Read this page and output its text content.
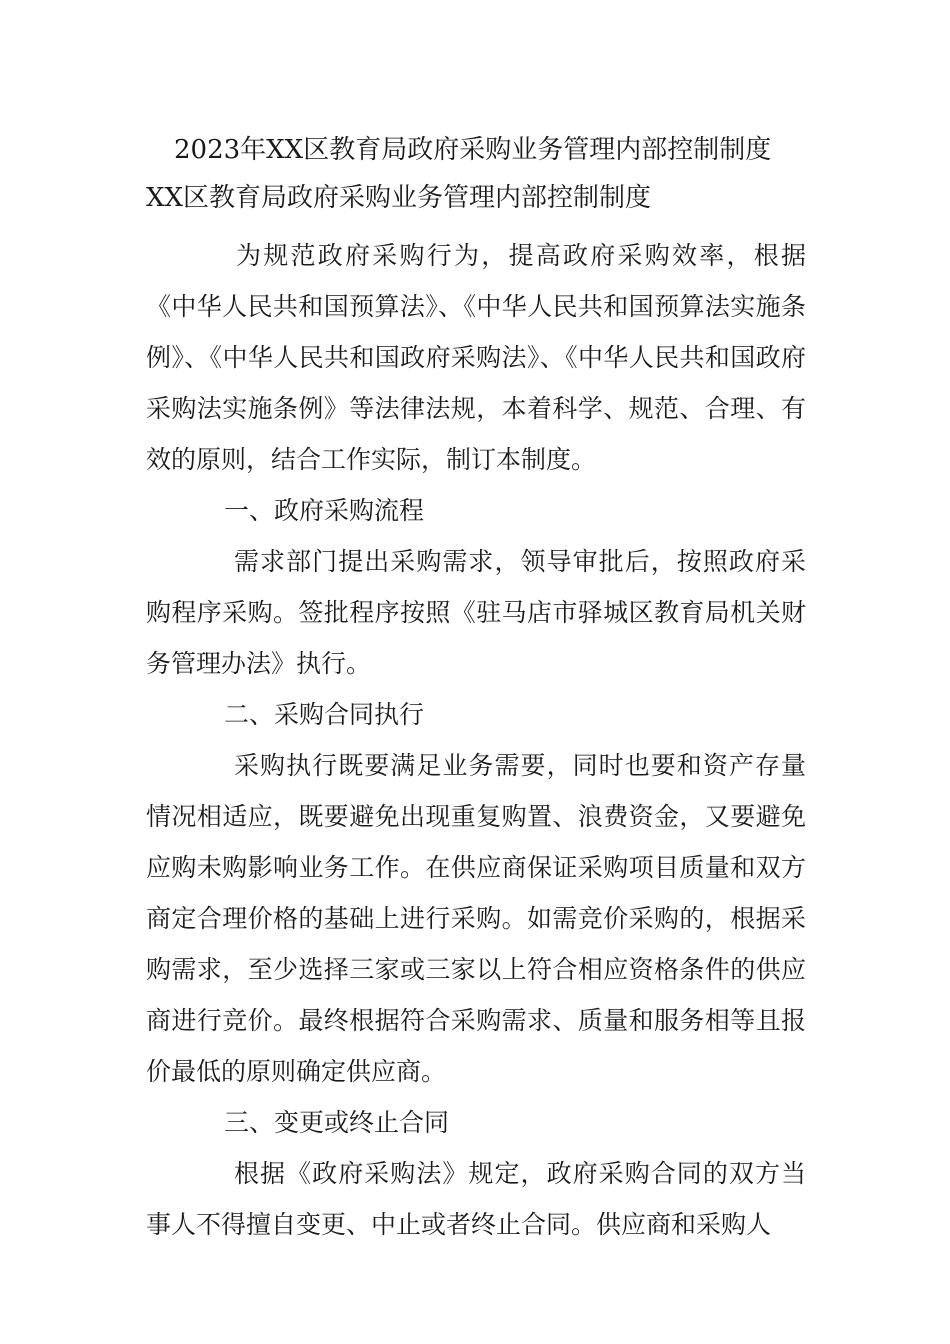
2023年XX区教育局政府采购业务管理内部控制制度
XX区教育局政府采购业务管理内部控制制度

为规范政府采购行为，提高政府采购效率，根据《中华人民共和国预算法》、《中华人民共和国预算法实施条例》、《中华人民共和国政府采购法》、《中华人民共和国政府采购法实施条例》等法律法规，本着科学、规范、合理、有效的原则，结合工作实际，制订本制度。

一、政府采购流程

需求部门提出采购需求，领导审批后，按照政府采购程序采购。签批程序按照《驻马店市驿城区教育局机关财务管理办法》执行。

二、采购合同执行

采购执行既要满足业务需要，同时也要和资产存量情况相适应，既要避免出现重复购置、浪费资金，又要避免应购未购影响业务工作。在供应商保证采购项目质量和双方商定合理价格的基础上进行采购。如需竞价采购的，根据采购需求，至少选择三家或三家以上符合相应资格条件的供应商进行竞价。最终根据符合采购需求、质量和服务相等且报价最低的原则确定供应商。

三、变更或终止合同

根据《政府采购法》规定，政府采购合同的双方当事人不得擅自变更、中止或者终止合同。供应商和采购人
